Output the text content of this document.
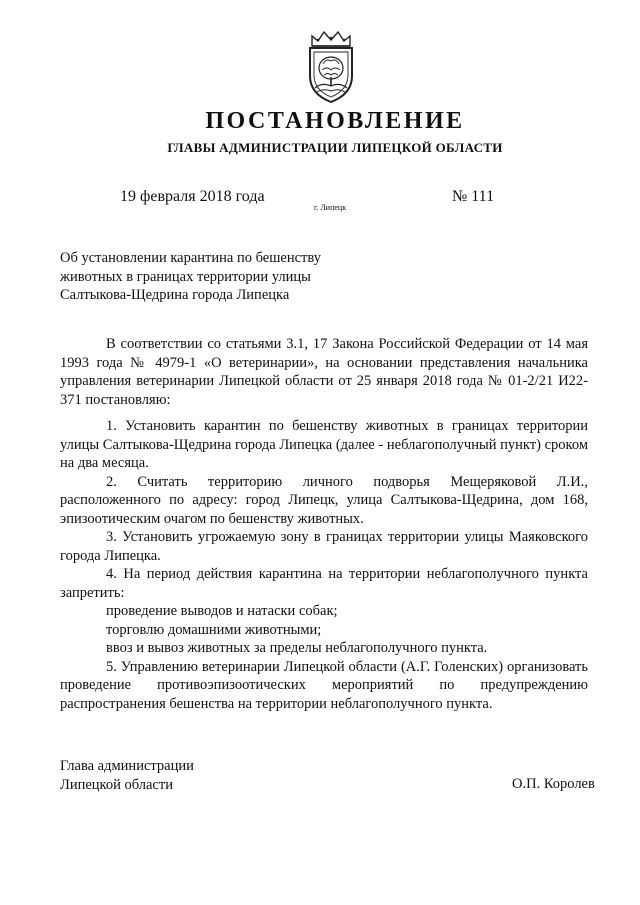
ПОСТАНОВЛЕНИЕ
ГЛАВЫ АДМИНИСТРАЦИИ ЛИПЕЦКОЙ ОБЛАСТИ
19 февраля 2018 года
г. Липецк
№ 111
Об установлении карантина по бешенству
животных в границах территории улицы
Салтыкова-Щедрина города Липецка

В соответствии со статьями 3.1, 17 Закона Российской Федерации от 14 мая 1993 года № 4979-1 «О ветеринарии», на основании представления начальника управления ветеринарии Липецкой области от 25 января 2018 года № 01-2/21 И22-371 постановляю:

1. Установить карантин по бешенству животных в границах территории улицы Салтыкова-Щедрина города Липецка (далее - неблагополучный пункт) сроком на два месяца.

2. Считать территорию личного подворья Мещеряковой Л.И., расположенного по адресу: город Липецк, улица Салтыкова-Щедрина, дом 168, эпизоотическим очагом по бешенству животных.

3. Установить угрожаемую зону в границах территории улицы Маяковского города Липецка.

4. На период действия карантина на территории неблагополучного пункта запретить:

проведение выводов и натаски собак;

торговлю домашними животными;

ввоз и вывоз животных за пределы неблагополучного пункта.

5. Управлению ветеринарии Липецкой области (А.Г. Голенских) организовать проведение противоэпизоотических мероприятий по предупреждению распространения бешенства на территории неблагополучного пункта.

Глава администрации
Липецкой области	О.П. Королев
